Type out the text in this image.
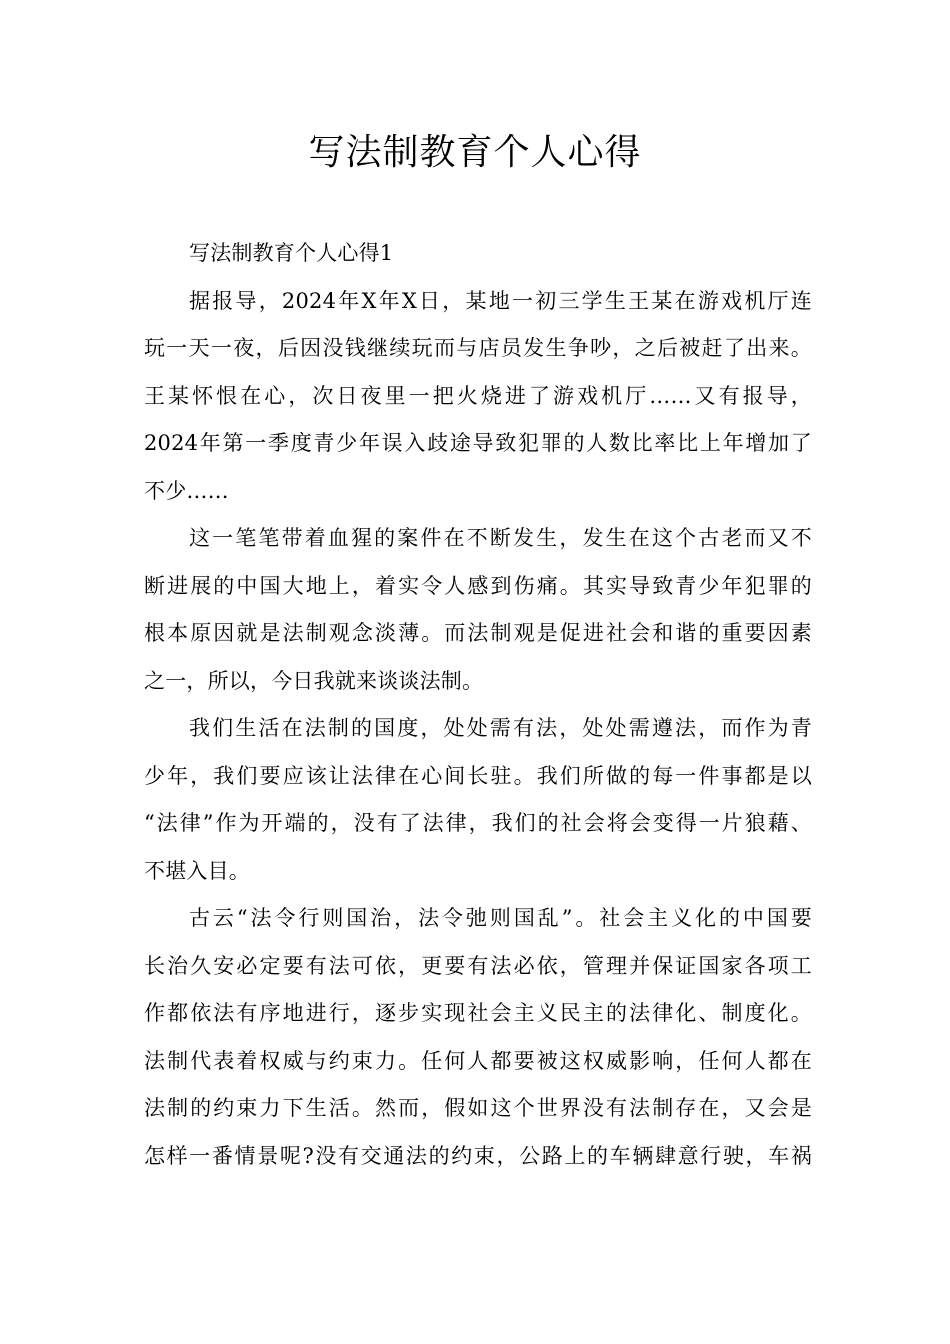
写法制教育个人心得
写法制教育个人心得1
据报导，2024年X年X日，某地一初三学生王某在游戏机厅连
玩一天一夜，后因没钱继续玩而与店员发生争吵，之后被赶了出来。
王某怀恨在心，次日夜里一把火烧进了游戏机厅……又有报导，
2024年第一季度青少年误入歧途导致犯罪的人数比率比上年增加了
不少……
这一笔笔带着血猩的案件在不断发生，发生在这个古老而又不
断进展的中国大地上，着实令人感到伤痛。其实导致青少年犯罪的
根本原因就是法制观念淡薄。而法制观是促进社会和谐的重要因素
之一，所以，今日我就来谈谈法制。
我们生活在法制的国度，处处需有法，处处需遵法，而作为青
少年，我们要应该让法律在心间长驻。我们所做的每一件事都是以
“法律”作为开端的，没有了法律，我们的社会将会变得一片狼藉、
不堪入目。
古云“法令行则国治，法令弛则国乱”。社会主义化的中国要
长治久安必定要有法可依，更要有法必依，管理并保证国家各项工
作都依法有序地进行，逐步实现社会主义民主的法律化、制度化。
法制代表着权威与约束力。任何人都要被这权威影响，任何人都在
法制的约束力下生活。然而，假如这个世界没有法制存在，又会是
怎样一番情景呢?没有交通法的约束，公路上的车辆肆意行驶，车祸
